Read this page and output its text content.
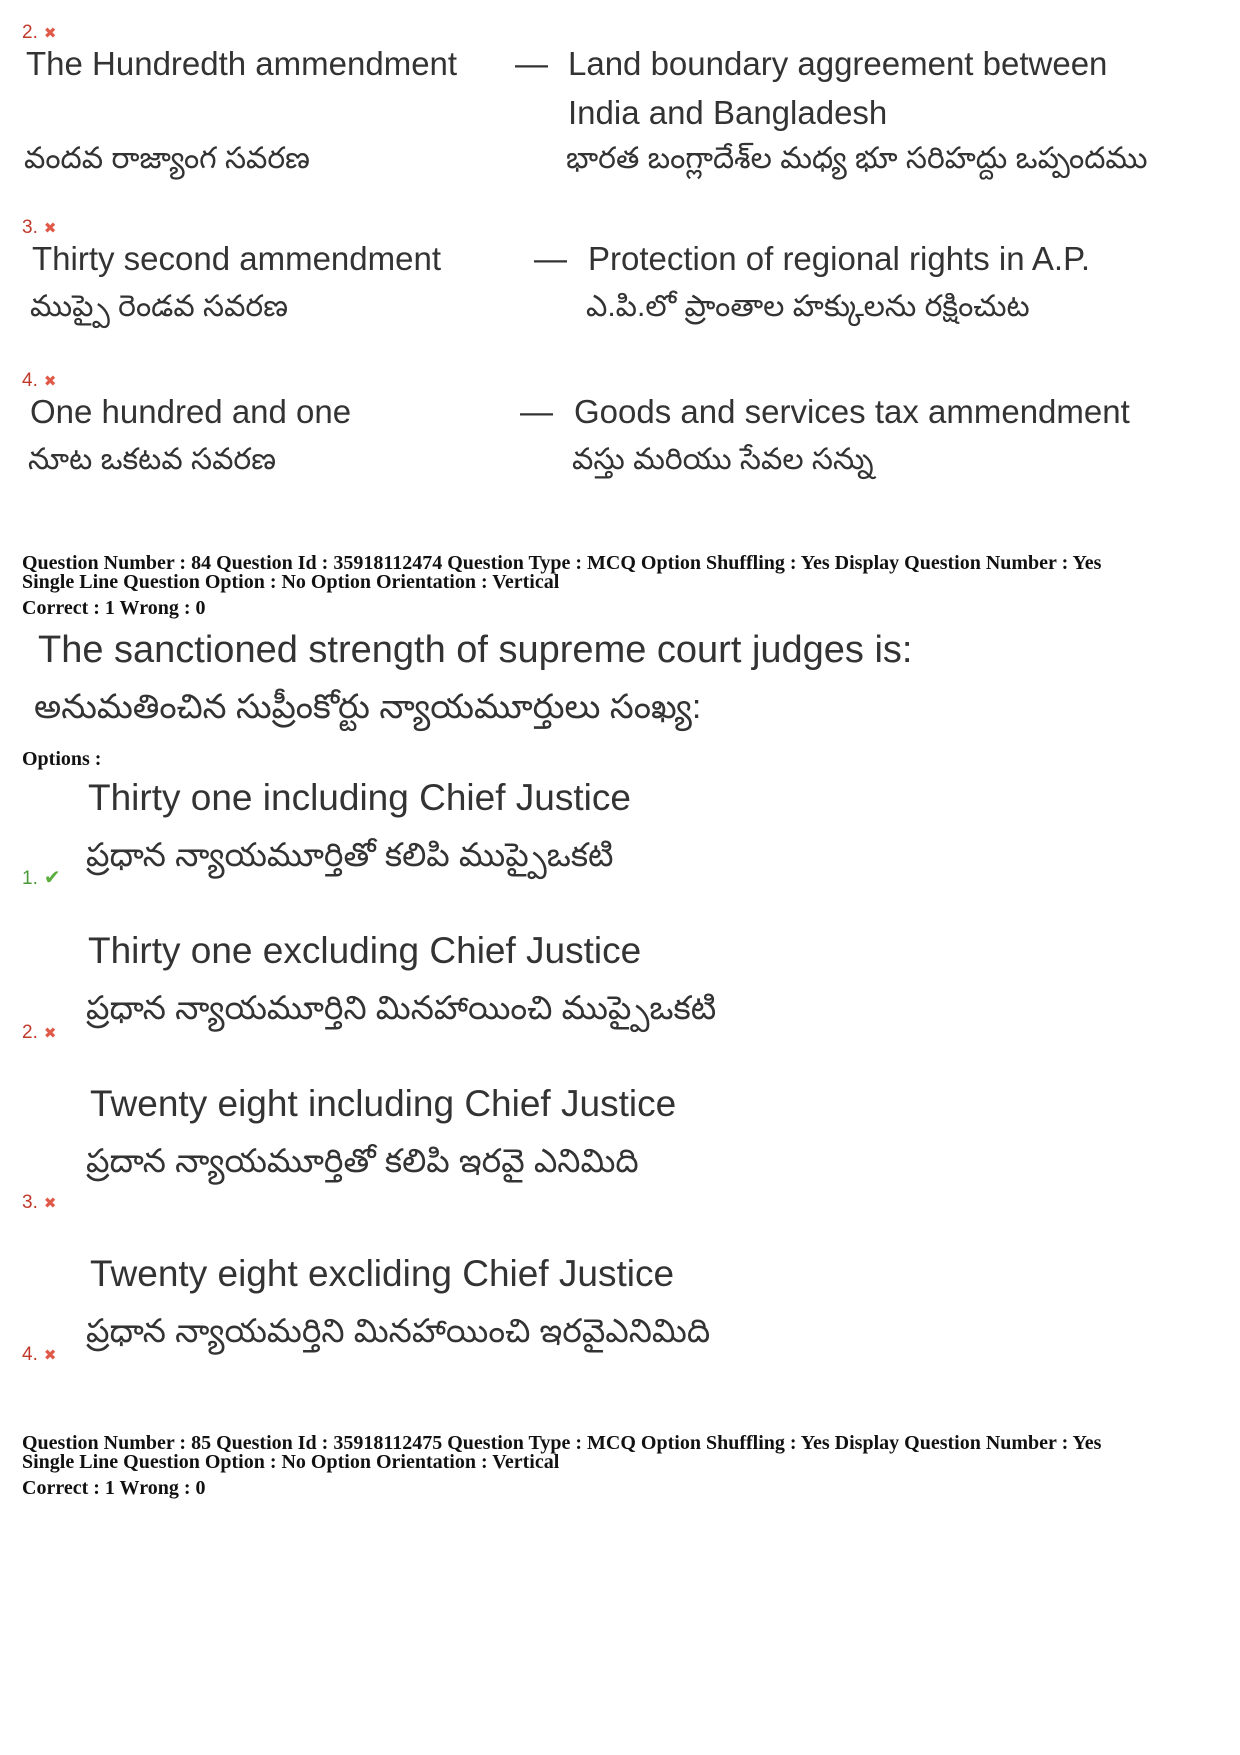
2. ✖
The Hundredth ammendment — Land boundary aggreement between
India and Bangladesh
వందవ రాజ్యాంగ సవరణ	భారత బంగ్లాదేశ్‌ల మధ్య భూ సరిహద్దు ఒప్పందము
3. ✖
Thirty second ammendment	— Protection of regional rights in A.P.
ముప్పై రెండవ సవరణ	ఎ.పి.లో ప్రాంతాల హక్కులను రక్షించుట
4. ✖
One hundred and one	— Goods and services tax ammendment
నూట ఒకటవ సవరణ	వస్తు మరియు సేవల సన్ను
Question Number : 84 Question Id : 35918112474 Question Type : MCQ Option Shuffling : Yes Display Question Number : Yes
Single Line Question Option : No Option Orientation : Vertical
Correct : 1 Wrong : 0
The sanctioned strength of supreme court judges is:
అనుమతించిన సుప్రీంకోర్టు న్యాయమూర్తులు సంఖ్య:
Options :
Thirty one including Chief Justice
ప్రధాన న్యాయమూర్తితో కలిపి ముప్పైఒకటి
1. ✔
Thirty one excluding Chief Justice
ప్రధాన న్యాయమూర్తిని మినహాయించి ముప్పైఒకటి
2. ✖
Twenty eight including Chief Justice
ప్రదాన న్యాయమూర్తితో కలిపి ఇరవై ఎనిమిది
3. ✖
Twenty eight excliding Chief Justice
ప్రధాన న్యాయమర్తిని మినహాయించి ఇరవైఎనిమిది
4. ✖
Question Number : 85 Question Id : 35918112475 Question Type : MCQ Option Shuffling : Yes Display Question Number : Yes
Single Line Question Option : No Option Orientation : Vertical
Correct : 1 Wrong : 0
